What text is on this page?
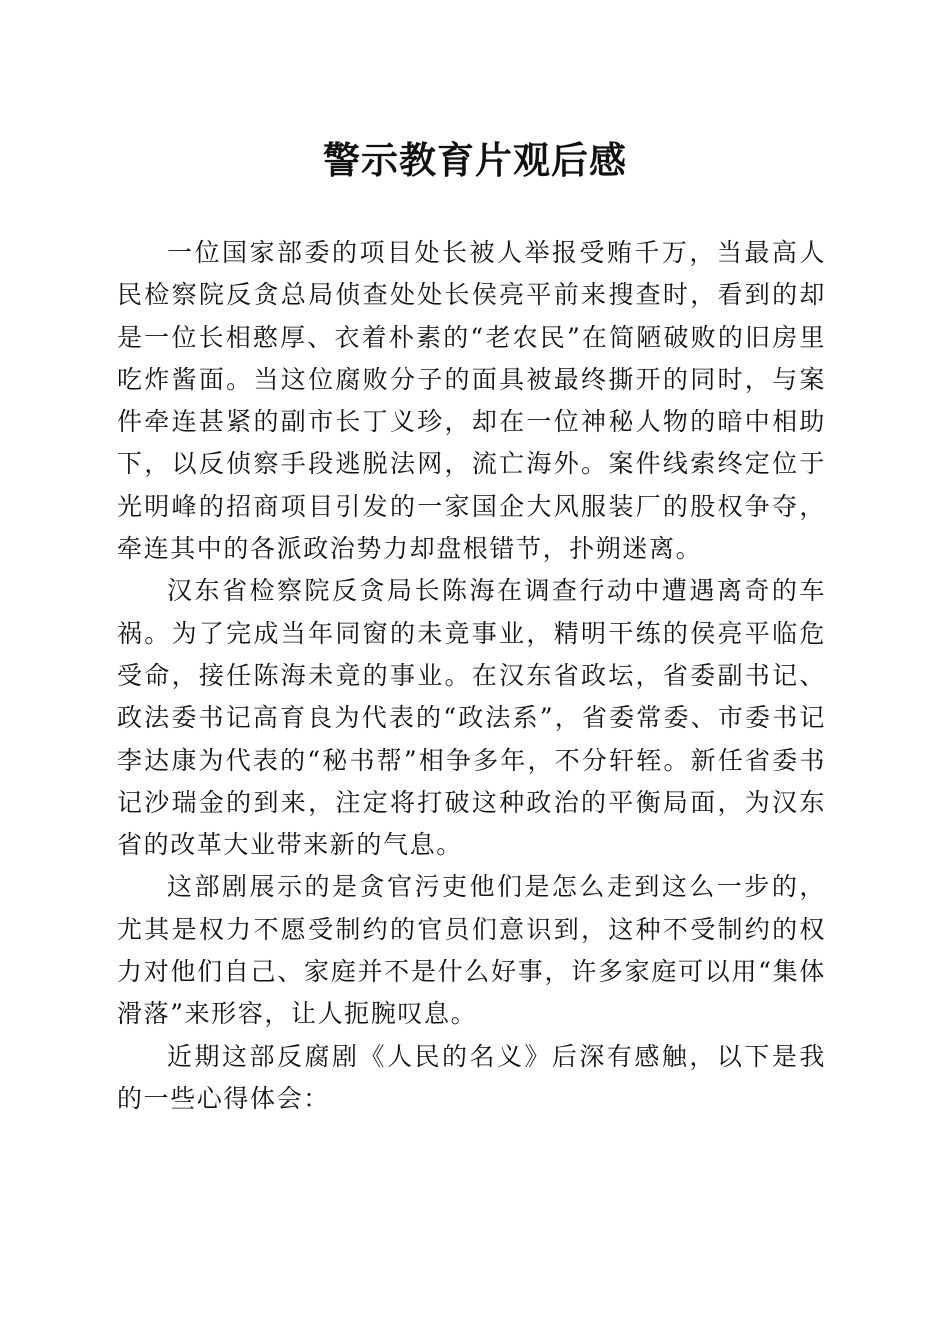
警示教育片观后感

一位国家部委的项目处长被人举报受贿千万，当最高人民检察院反贪总局侦查处处长侯亮平前来搜查时，看到的却是一位长相憨厚、衣着朴素的“老农民”在简陋破败的旧房里吃炸酱面。当这位腐败分子的面具被最终撕开的同时，与案件牵连甚紧的副市长丁义珍，却在一位神秘人物的暗中相助下，以反侦察手段逃脱法网，流亡海外。案件线索终定位于光明峰的招商项目引发的一家国企大风服装厂的股权争夺，牵连其中的各派政治势力却盘根错节，扑朔迷离。

汉东省检察院反贪局长陈海在调查行动中遭遇离奇的车祸。为了完成当年同窗的未竟事业，精明干练的侯亮平临危受命，接任陈海未竟的事业。在汉东省政坛，省委副书记、政法委书记高育良为代表的“政法系”，省委常委、市委书记李达康为代表的“秘书帮”相争多年，不分轩轾。新任省委书记沙瑞金的到来，注定将打破这种政治的平衡局面，为汉东省的改革大业带来新的气息。

这部剧展示的是贪官污吏他们是怎么走到这么一步的，尤其是权力不愿受制约的官员们意识到，这种不受制约的权力对他们自己、家庭并不是什么好事，许多家庭可以用“集体滑落”来形容，让人扼腕叹息。

近期这部反腐剧《人民的名义》后深有感触，以下是我的一些心得体会：
